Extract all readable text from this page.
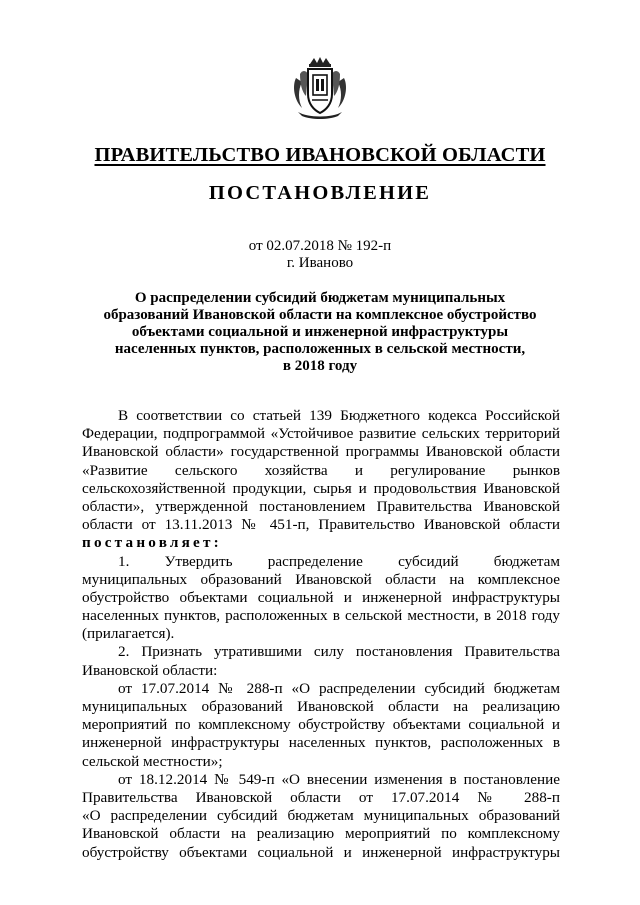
ПРАВИТЕЛЬСТВО ИВАНОВСКОЙ ОБЛАСТИ
ПОСТАНОВЛЕНИЕ
от 02.07.2018 № 192-п
г. Иваново
О распределении субсидий бюджетам муниципальных
образований Ивановской области на комплексное обустройство
объектами социальной и инженерной инфраструктуры
населенных пунктов, расположенных в сельской местности,
в 2018 году
В соответствии со статьей 139 Бюджетного кодекса Российской
Федерации, подпрограммой «Устойчивое развитие сельских территорий
Ивановской области» государственной программы Ивановской области
«Развитие сельского хозяйства и регулирование рынков
сельскохозяйственной продукции, сырья и продовольствия Ивановской
области», утвержденной постановлением Правительства Ивановской
области от 13.11.2013 № 451-п, Правительство Ивановской области
постановляет:
1. Утвердить распределение субсидий бюджетам
муниципальных образований Ивановской области на комплексное
обустройство объектами социальной и инженерной инфраструктуры
населенных пунктов, расположенных в сельской местности, в 2018 году
(прилагается).
2. Признать утратившими силу постановления Правительства
Ивановской области:
от 17.07.2014 № 288-п «О распределении субсидий бюджетам
муниципальных образований Ивановской области на реализацию
мероприятий по комплексному обустройству объектами социальной и
инженерной инфраструктуры населенных пунктов, расположенных в
сельской местности»;
от 18.12.2014 № 549-п «О внесении изменения в постановление
Правительства Ивановской области от 17.07.2014 № 288-п
«О распределении субсидий бюджетам муниципальных образований
Ивановской области на реализацию мероприятий по комплексному
обустройству объектами социальной и инженерной инфраструктуры
